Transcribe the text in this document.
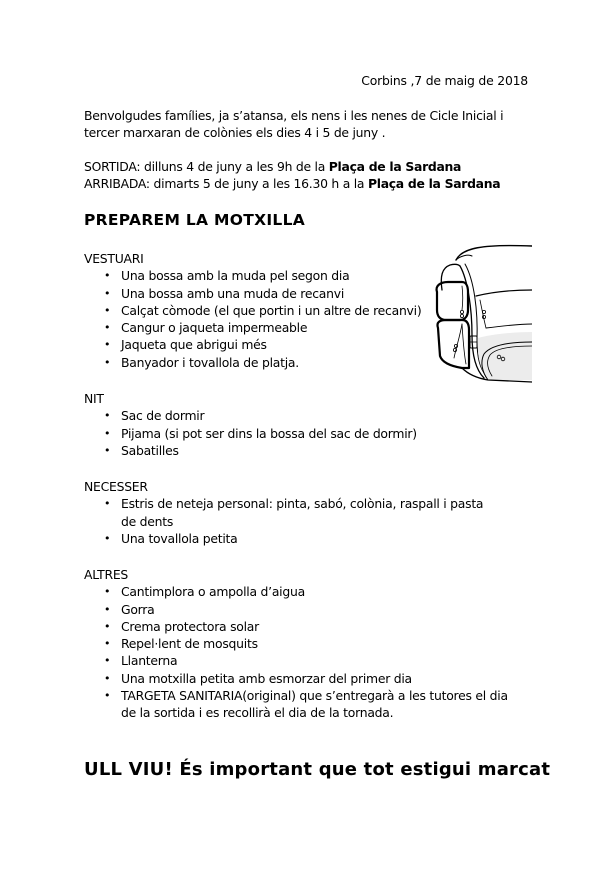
Corbins ,7 de maig de 2018

Benvolgudes famílies, ja s’atansa, els nens i les nenes de Cicle Inicial i tercer marxaran de colònies els dies 4 i 5 de juny .

SORTIDA: dilluns 4 de juny a les 9h de la Plaça de la Sardana
ARRIBADA: dimarts 5 de juny a les 16.30 h a la Plaça de la Sardana
PREPAREM LA MOTXILLA
VESTUARI
• Una bossa amb la muda pel segon dia
• Una bossa amb una muda de recanvi
• Calçat còmode (el que portin i un altre de recanvi)
• Cangur o jaqueta impermeable
• Jaqueta que abrigui més
• Banyador i tovallola de platja.
NIT
• Sac de dormir
• Pijama (si pot ser dins la bossa del sac de dormir)
• Sabatilles
NECESSER
• Estris de neteja personal: pinta, sabó, colònia, raspall i pasta de dents
• Una tovallola petita
ALTRES
• Cantimplora o ampolla d’aigua
• Gorra
• Crema protectora solar
• Repel·lent de mosquits
• Llanterna
• Una motxilla petita amb esmorzar del primer dia
• TARGETA SANITARIA(original) que s’entregarà a les tutores el dia de la sortida i es recollirà el dia de la tornada.
ULL VIU! És important que tot estigui marcat
